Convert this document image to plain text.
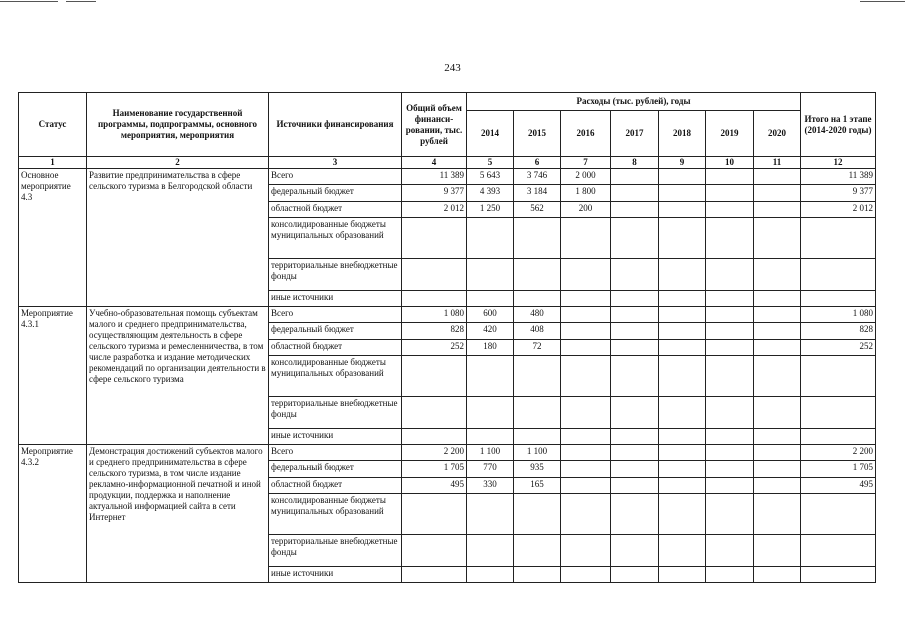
243
Статус	Наименование государственной программы, подпрограммы, основного мероприятия, мероприятия	Источники финансирования	Общий объем финанси-ровании, тыс. рублей	Расходы (тыс. рублей), годы							Итого на 1 этапе (2014-2020 годы)
				2014	2015	2016	2017	2018	2019	2020	
1	2	3	4	5	6	7	8	9	10	11	12
Основное мероприятие 4.3	Развитие предпринимательства в сфере сельского туризма в Белгородской области	Всего	11 389	5 643	3 746	2 000					11 389
		федеральный бюджет	9 377	4 393	3 184	1 800					9 377
		областной бюджет	2 012	1 250	562	200					2 012
		консолидированные бюджеты муниципальных образований									
		территориальные внебюджетные фонды									
		иные источники									
Мероприятие 4.3.1	Учебно-образовательная помощь субъектам малого и среднего предпринимательства, осуществляющим деятельность в сфере сельского туризма и ремесленничества, в том числе разработка и издание методических рекомендаций по организации деятельности в сфере сельского туризма	Всего	1 080	600	480						1 080
		федеральный бюджет	828	420	408						828
		областной бюджет	252	180	72						252
		консолидированные бюджеты муниципальных образований									
		территориальные внебюджетные фонды									
		иные источники									
Мероприятие 4.3.2	Демонстрация достижений субъектов малого и среднего предпринимательства в сфере сельского туризма, в том числе издание рекламно-информационной печатной и иной продукции, поддержка и наполнение актуальной информацией сайта в сети Интернет	Всего	2 200	1 100	1 100						2 200
		федеральный бюджет	1 705	770	935						1 705
		областной бюджет	495	330	165						495
		консолидированные бюджеты муниципальных образований									
		территориальные внебюджетные фонды									
		иные источники									
